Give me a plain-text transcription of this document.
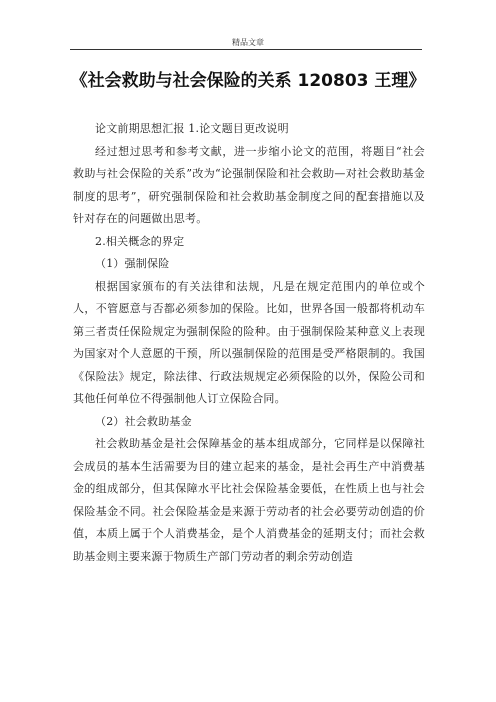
精品文章
《社会救助与社会保险的关系 120803 王理》

论文前期思想汇报 1.论文题目更改说明

经过想过思考和参考文献，进一步缩小论文的范围，将题目“社会救助与社会保险的关系”改为“论强制保险和社会救助—对社会救助基金制度的思考”，研究强制保险和社会救助基金制度之间的配套措施以及针对存在的问题做出思考。

2.相关概念的界定

（1）强制保险

根据国家颁布的有关法律和法规，凡是在规定范围内的单位或个人，不管愿意与否都必须参加的保险。比如，世界各国一般都将机动车第三者责任保险规定为强制保险的险种。由于强制保险某种意义上表现为国家对个人意愿的干预，所以强制保险的范围是受严格限制的。我国《保险法》规定，除法律、行政法规规定必须保险的以外，保险公司和其他任何单位不得强制他人订立保险合同。

（2）社会救助基金

社会救助基金是社会保障基金的基本组成部分，它同样是以保障社会成员的基本生活需要为目的建立起来的基金，是社会再生产中消费基金的组成部分，但其保障水平比社会保险基金要低，在性质上也与社会保险基金不同。社会保险基金是来源于劳动者的社会必要劳动创造的价值，本质上属于个人消费基金，是个人消费基金的延期支付；而社会救助基金则主要来源于物质生产部门劳动者的剩余劳动创造
